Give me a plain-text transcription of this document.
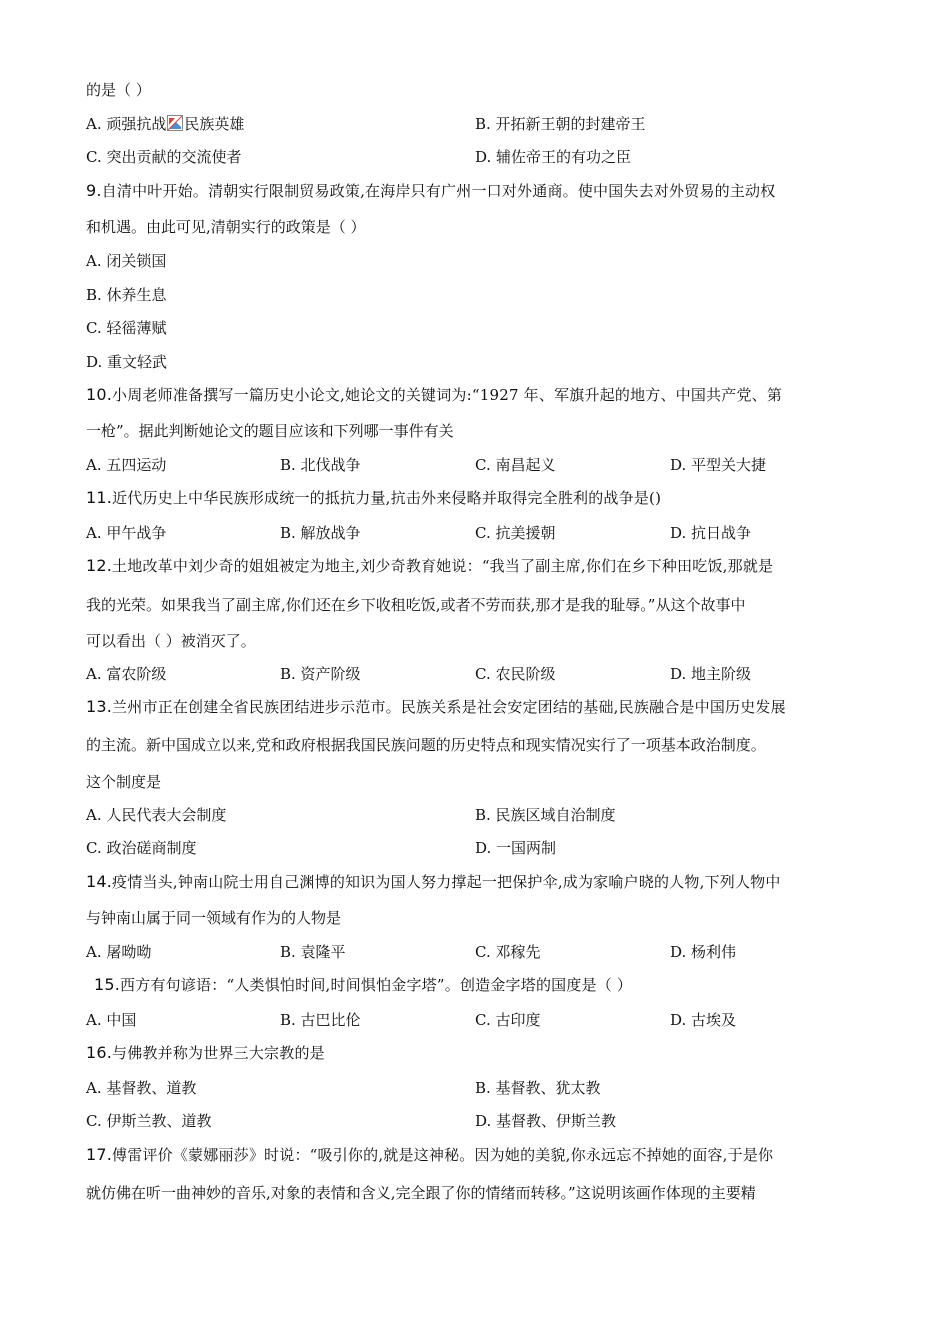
的是（ ）
A. 顽强抗战 民族英雄	B. 开拓新王朝的封建帝王
C. 突出贡献的交流使者	D. 辅佐帝王的有功之臣
9.自清中叶开始。清朝实行限制贸易政策,在海岸只有广州一口对外通商。使中国失去对外贸易的主动权
和机遇。由此可见,清朝实行的政策是（ ）
A. 闭关锁国
B. 休养生息
C. 轻徭薄赋
D. 重文轻武
10.小周老师准备撰写一篇历史小论文,她论文的关键词为:“1927 年、军旗升起的地方、中国共产党、第
一枪”。据此判断她论文的题目应该和下列哪一事件有关
A. 五四运动	B. 北伐战争	C. 南昌起义	D. 平型关大捷
11.近代历史上中华民族形成统一的抵抗力量,抗击外来侵略并取得完全胜利的战争是()
A. 甲午战争	B. 解放战争	C. 抗美援朝	D. 抗日战争
12.土地改革中刘少奇的姐姐被定为地主,刘少奇教育她说：“我当了副主席,你们在乡下种田吃饭,那就是
我的光荣。如果我当了副主席,你们还在乡下收租吃饭,或者不劳而获,那才是我的耻辱。”从这个故事中
可以看出（ ）被消灭了。
A. 富农阶级	B. 资产阶级	C. 农民阶级	D. 地主阶级
13.兰州市正在创建全省民族团结进步示范市。民族关系是社会安定团结的基础,民族融合是中国历史发展
的主流。新中国成立以来,党和政府根据我国民族问题的历史特点和现实情况实行了一项基本政治制度。
这个制度是
A. 人民代表大会制度	B. 民族区域自治制度
C. 政治磋商制度	D. 一国两制
14.疫情当头,钟南山院士用自己渊博的知识为国人努力撑起一把保护伞,成为家喻户晓的人物,下列人物中
与钟南山属于同一领域有作为的人物是
A. 屠呦呦	B. 袁隆平	C. 邓稼先	D. 杨利伟
15.西方有句谚语：“人类惧怕时间,时间惧怕金字塔”。创造金字塔的国度是（ ）
A. 中国	B. 古巴比伦	C. 古印度	D. 古埃及
16.与佛教并称为世界三大宗教的是
A. 基督教、道教	B. 基督教、犹太教
C. 伊斯兰教、道教	D. 基督教、伊斯兰教
17.傅雷评价《蒙娜丽莎》时说：“吸引你的,就是这神秘。因为她的美貌,你永远忘不掉她的面容,于是你
就仿佛在听一曲神妙的音乐,对象的表情和含义,完全跟了你的情绪而转移。”这说明该画作体现的主要精
